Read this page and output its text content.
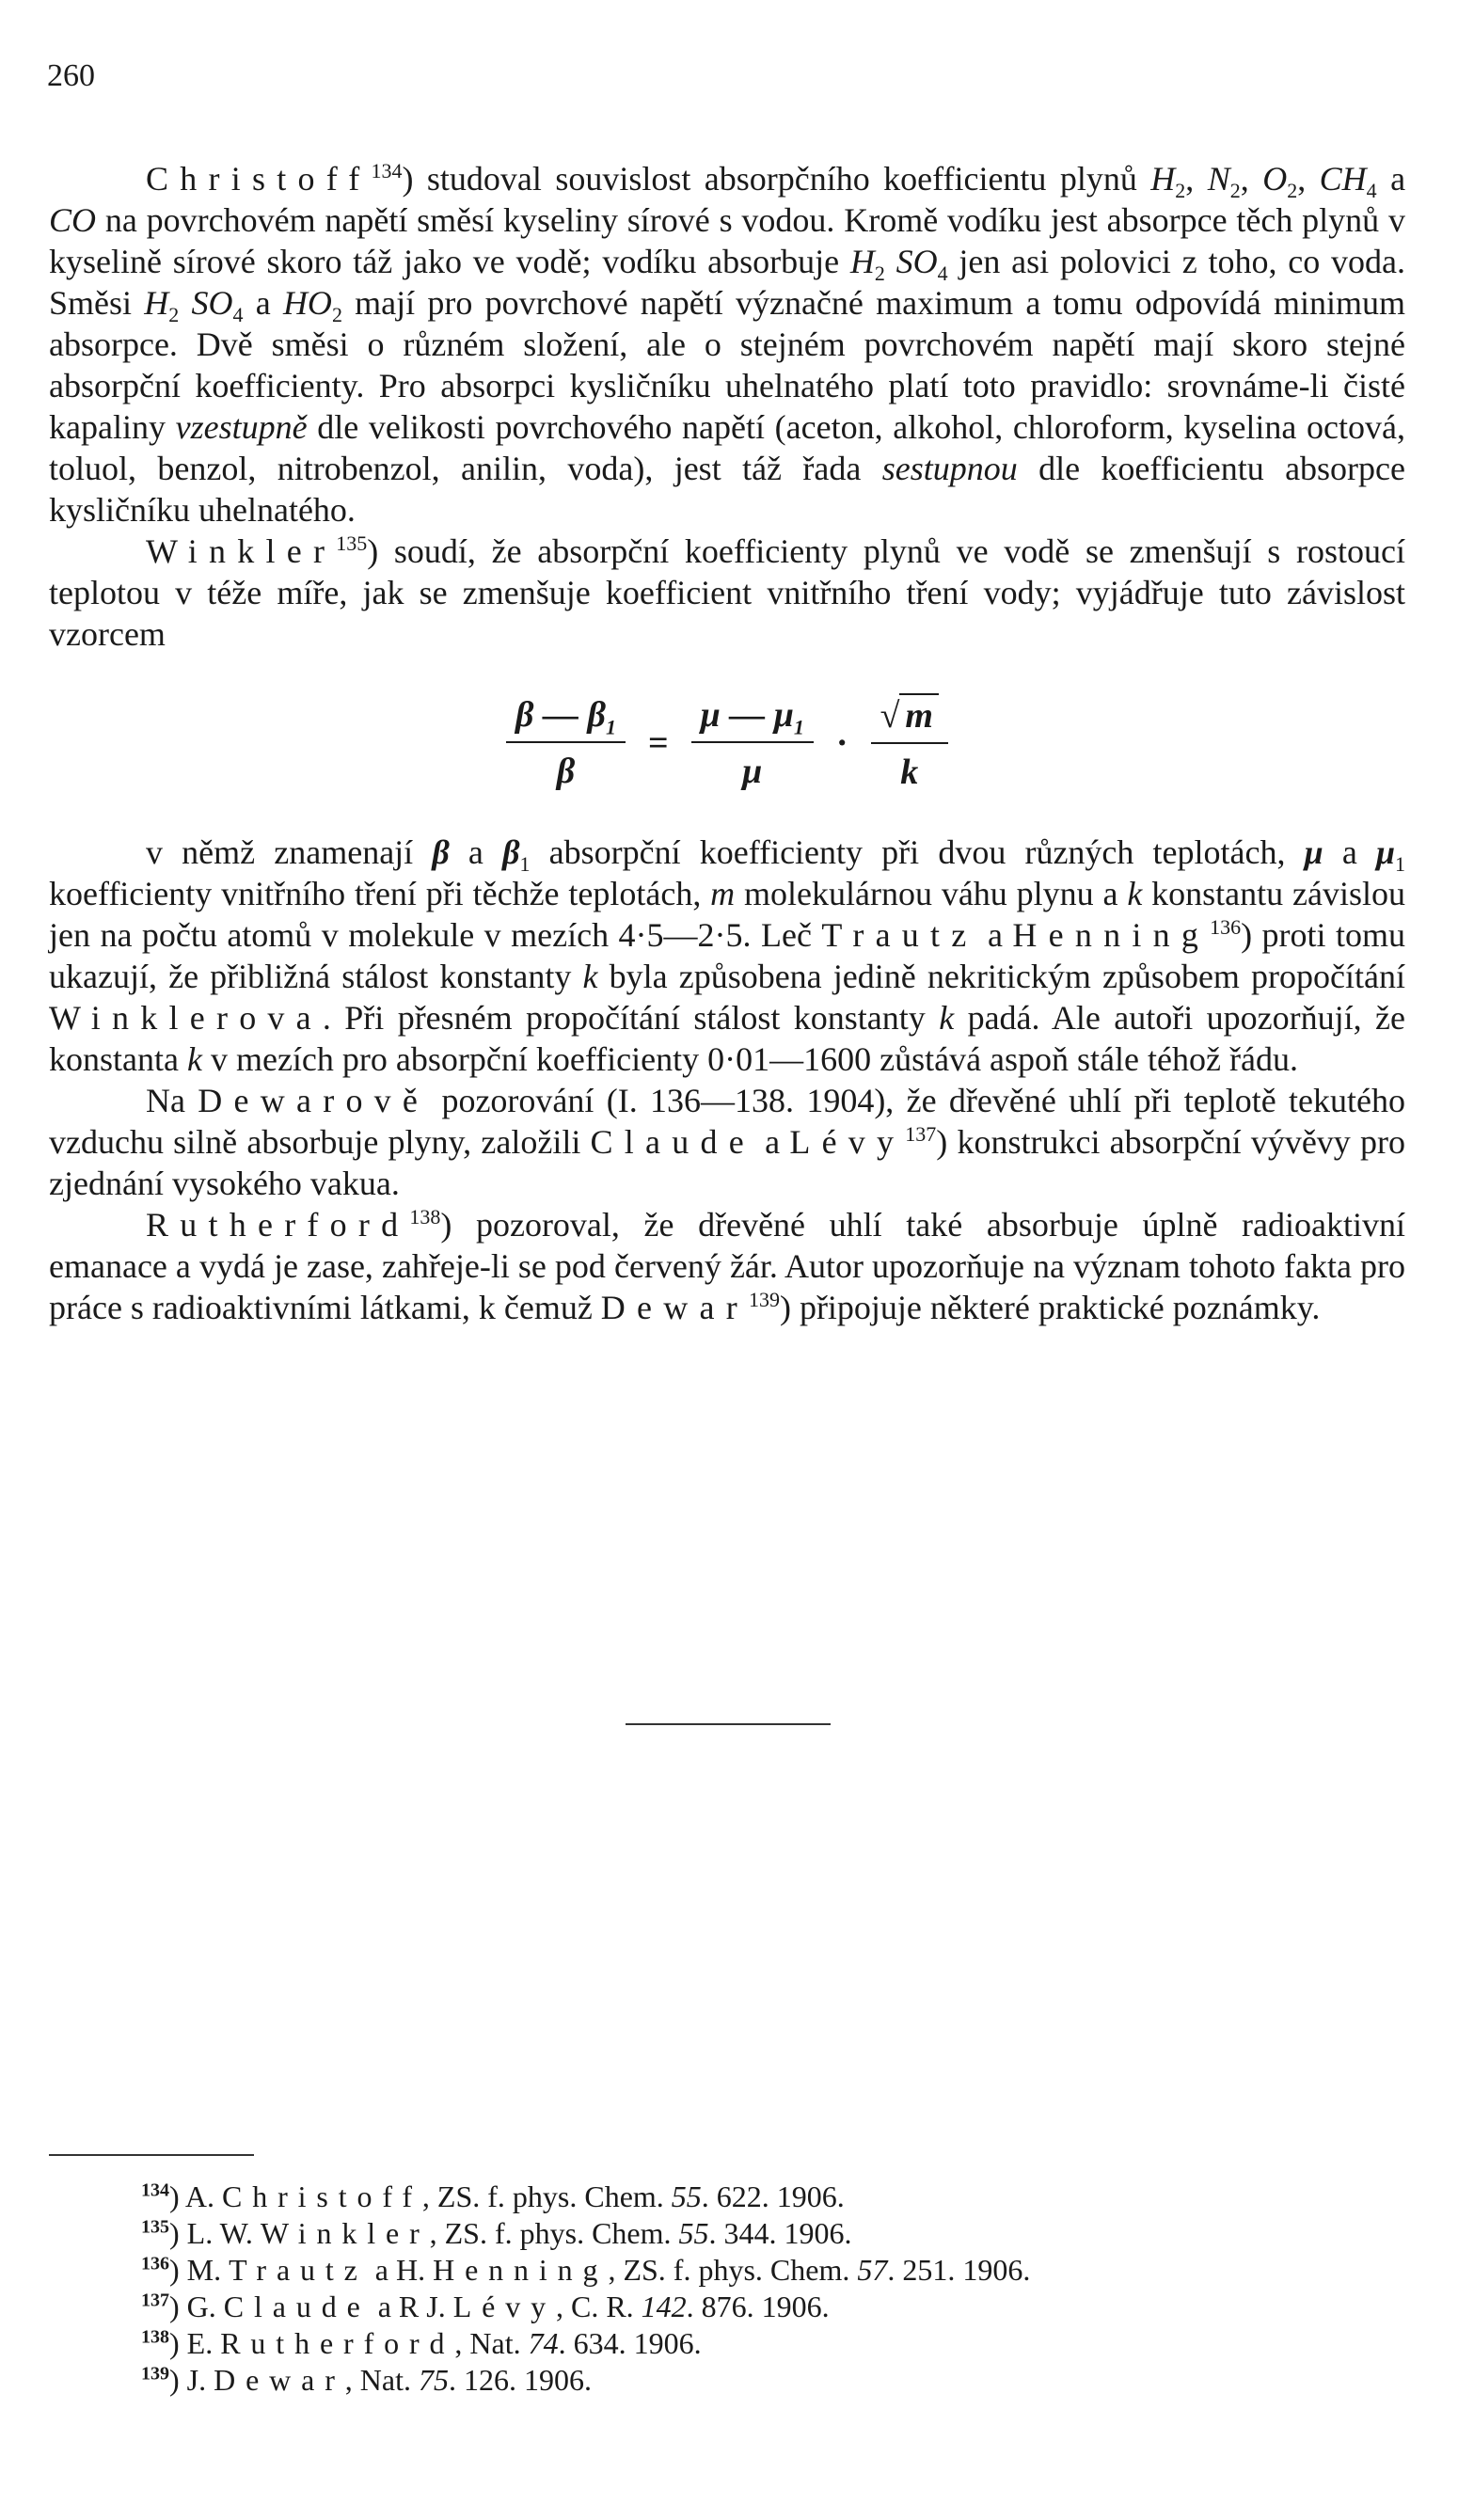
260

Christoff$^{134}$) studoval souvislost absorpčního koefficientu plynů $H_2$, $N_2$, $O_2$, $CH_4$ a CO na povrchovém napětí směsí kyseliny sírové s vodou. Kromě vodíku jest absorpce těch plynů v kyselině sírové skoro táž jako ve vodě; vodíku absorbuje $H_2$ $SO_4$ jen asi polovici z toho, co voda. Směsi $H_2$ $SO_4$ a $HO_2$ mají pro povrchové napětí význačné maximum a tomu odpovídá minimum absorpce. Dvě směsi o různém složení, ale o stejném povrchovém napětí mají skoro stejné absorpční koefficienty. Pro absorpci kysličníku uhelnatého platí toto pravidlo: srovnáme-li čisté kapaliny vzestupně dle velikosti povrchového napětí (aceton, alkohol, chloroform, kyselina octová, toluol, benzol, nitrobenzol, anilin, voda), jest táž řada sestupnou dle koefficientu absorpce kysličníku uhelnatého.

Winkler$^{135}$) soudí, že absorpční koefficienty plynů ve vodě se zmenšují s rostoucí teplotou v téže míře, jak se zmenšuje koefficient vnitřního tření vody; vyjádřuje tuto závislost vzorcem

$\frac{\beta — \beta_1}{\beta} = \frac{\mu — \mu_1}{\mu} \cdot \frac{√ m}{k}$

v němž znamenají β a $\beta_1$ absorpční koefficienty při dvou různých teplotách, μ a $\mu_1$ koefficienty vnitřního tření při těchže teplotách, m molekulárnou váhu plynu a k konstantu závislou jen na počtu atomů v molekule v mezích 4·5—2·5. Leč Trautz a Henning$^{136}$) proti tomu ukazují, že přibližná stálost konstanty k byla způsobena jedině nekritickým způsobem propočítání Winklerova. Při přesném propočítání stálost konstanty k padá. Ale autoři upozorňují, že konstanta k v mezích pro absorpční koefficienty 0·01—1600 zůstává aspoň stále téhož řádu.

Na Dewarově pozorování (I. 136—138. 1904), že dřevěné uhlí při teplotě tekutého vzduchu silně absorbuje plyny, založili Claude a Lévy$^{137}$) konstrukci absorpční vývěvy pro zjednání vysokého vakua.

Rutherford$^{138}$) pozoroval, že dřevěné uhlí také absorbuje úplně radioaktivní emanace a vydá je zase, zahřeje-li se pod červený žár. Autor upozorňuje na význam tohoto fakta pro práce s radioaktivními látkami, k čemuž Dewar$^{139}$) připojuje některé praktické poznámky.

$^{134}$) A. Christoff, ZS. f. phys. Chem. 55. 622. 1906.
$^{135}$) L. W. Winkler, ZS. f. phys. Chem. 55. 344. 1906.
$^{136}$) M. Trautz a H. Henning, ZS. f. phys. Chem. 57. 251. 1906.
$^{137}$) G. Claude a R J. Lévy, C. R. 142. 876. 1906.
$^{138}$) E. Rutherford, Nat. 74. 634. 1906.
$^{139}$) J. Dewar, Nat. 75. 126. 1906.
